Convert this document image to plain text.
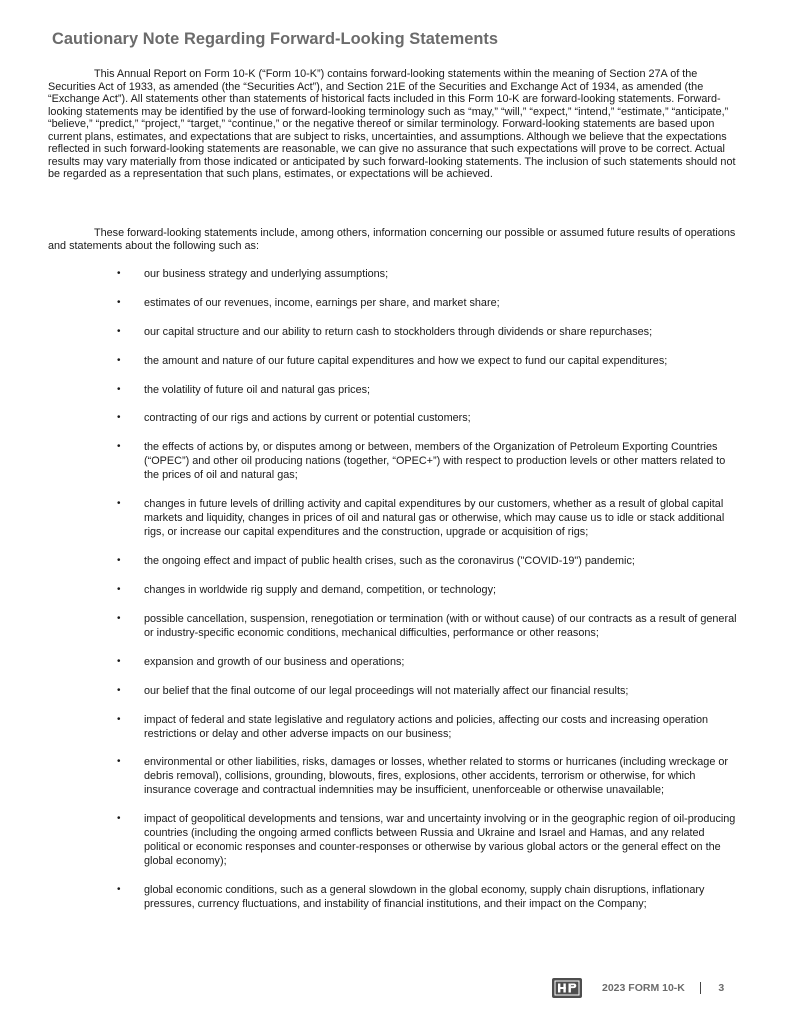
Cautionary Note Regarding Forward-Looking Statements

This Annual Report on Form 10-K (“Form 10-K”) contains forward-looking statements within the meaning of Section 27A of the Securities Act of 1933, as amended (the “Securities Act”), and Section 21E of the Securities and Exchange Act of 1934, as amended (the “Exchange Act”). All statements other than statements of historical facts included in this Form 10-K are forward-looking statements. Forward-looking statements may be identified by the use of forward-looking terminology such as “may,” “will,” “expect,” “intend,” “estimate,” “anticipate,” “believe,” “predict,” “project,” “target,” “continue,” or the negative thereof or similar terminology. Forward-looking statements are based upon current plans, estimates, and expectations that are subject to risks, uncertainties, and assumptions. Although we believe that the expectations reflected in such forward-looking statements are reasonable, we can give no assurance that such expectations will prove to be correct. Actual results may vary materially from those indicated or anticipated by such forward-looking statements. The inclusion of such statements should not be regarded as a representation that such plans, estimates, or expectations will be achieved.

These forward-looking statements include, among others, information concerning our possible or assumed future results of operations and statements about the following such as:

•	our business strategy and underlying assumptions;
•	estimates of our revenues, income, earnings per share, and market share;
•	our capital structure and our ability to return cash to stockholders through dividends or share repurchases;
•	the amount and nature of our future capital expenditures and how we expect to fund our capital expenditures;
•	the volatility of future oil and natural gas prices;
•	contracting of our rigs and actions by current or potential customers;
•	the effects of actions by, or disputes among or between, members of the Organization of Petroleum Exporting Countries (“OPEC”) and other oil producing nations (together, “OPEC+”) with respect to production levels or other matters related to the prices of oil and natural gas;
•	changes in future levels of drilling activity and capital expenditures by our customers, whether as a result of global capital markets and liquidity, changes in prices of oil and natural gas or otherwise, which may cause us to idle or stack additional rigs, or increase our capital expenditures and the construction, upgrade or acquisition of rigs;
•	the ongoing effect and impact of public health crises, such as the coronavirus ("COVID-19") pandemic;
•	changes in worldwide rig supply and demand, competition, or technology;
•	possible cancellation, suspension, renegotiation or termination (with or without cause) of our contracts as a result of general or industry-specific economic conditions, mechanical difficulties, performance or other reasons;
•	expansion and growth of our business and operations;
•	our belief that the final outcome of our legal proceedings will not materially affect our financial results;
•	impact of federal and state legislative and regulatory actions and policies, affecting our costs and increasing operation restrictions or delay and other adverse impacts on our business;
•	environmental or other liabilities, risks, damages or losses, whether related to storms or hurricanes (including wreckage or debris removal), collisions, grounding, blowouts, fires, explosions, other accidents, terrorism or otherwise, for which insurance coverage and contractual indemnities may be insufficient, unenforceable or otherwise unavailable;
•	impact of geopolitical developments and tensions, war and uncertainty involving or in the geographic region of oil-producing countries (including the ongoing armed conflicts between Russia and Ukraine and Israel and Hamas, and any related political or economic responses and counter-responses or otherwise by various global actors or the general effect on the global economy);
•	global economic conditions, such as a general slowdown in the global economy, supply chain disruptions, inflationary pressures, currency fluctuations, and instability of financial institutions, and their impact on the Company;
2023 FORM 10-K	3
